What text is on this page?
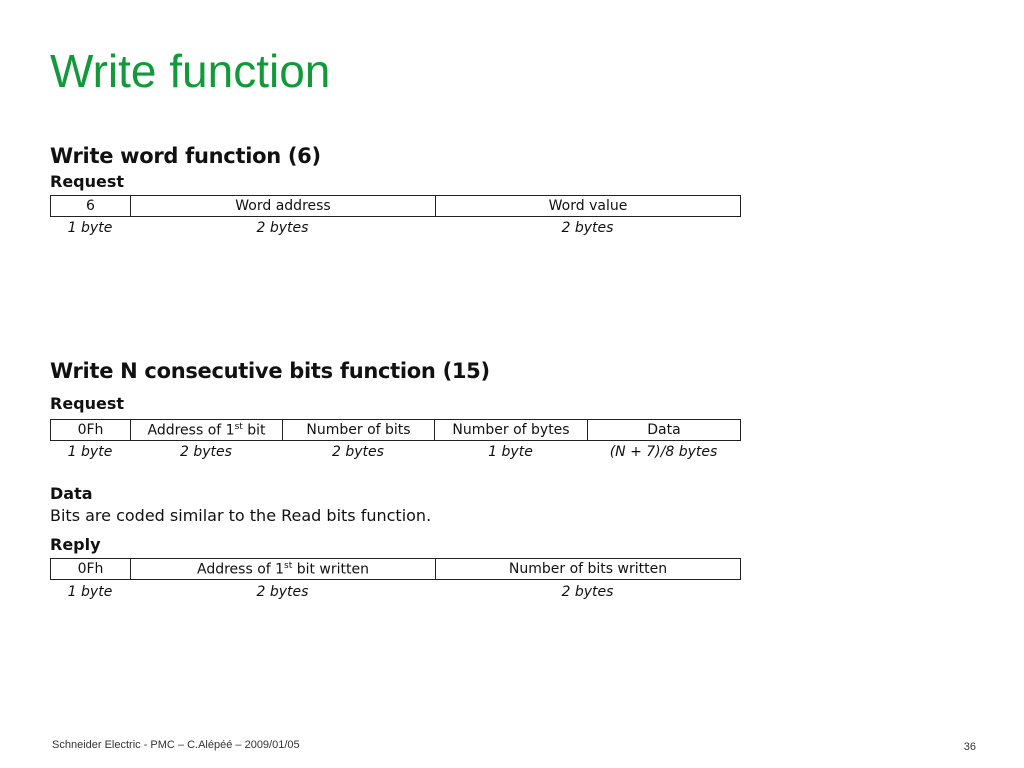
Write function
Write word function (6)
Request
6	Word address	Word value
1 byte	2 bytes	2 bytes
Write N consecutive bits function (15)
Request
0Fh	Address of 1st bit	Number of bits	Number of bytes	Data
1 byte	2 bytes	2 bytes	1 byte	(N + 7)/8 bytes
Data
Bits are coded similar to the Read bits function.
Reply
0Fh	Address of 1st bit written	Number of bits written
1 byte	2 bytes	2 bytes
Schneider Electric - PMC – C.Alépéé – 2009/01/05	36
